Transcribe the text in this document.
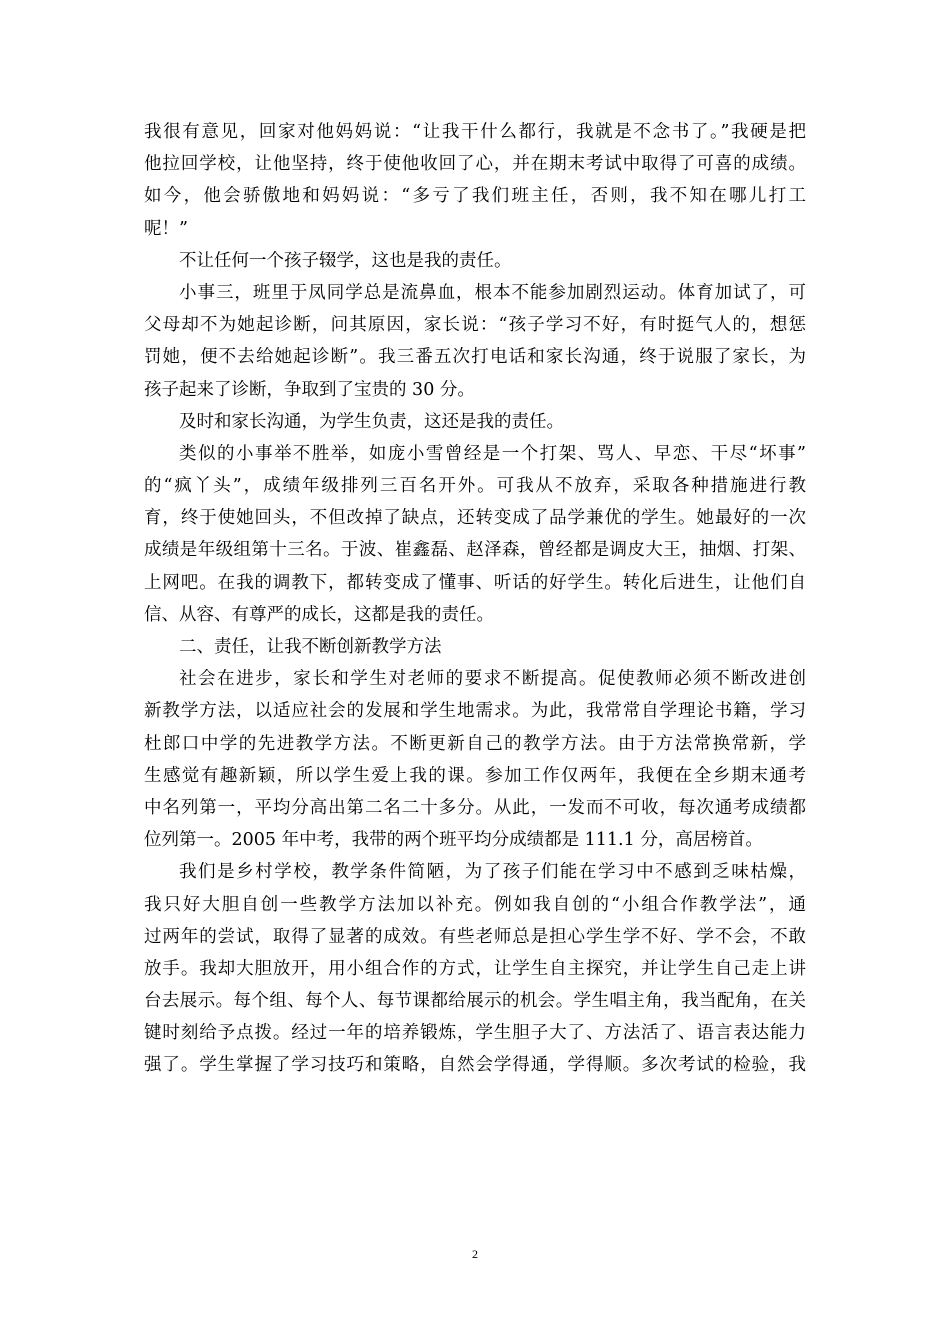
我很有意见，回家对他妈妈说：“让我干什么都行，我就是不念书了。”我硬是把
他拉回学校，让他坚持，终于使他收回了心，并在期末考试中取得了可喜的成绩。
如今，他会骄傲地和妈妈说：“多亏了我们班主任，否则，我不知在哪儿打工
呢！”
不让任何一个孩子辍学，这也是我的责任。
小事三，班里于凤同学总是流鼻血，根本不能参加剧烈运动。体育加试了，可
父母却不为她起诊断，问其原因，家长说：“孩子学习不好，有时挺气人的，想惩
罚她，便不去给她起诊断”。我三番五次打电话和家长沟通，终于说服了家长，为
孩子起来了诊断，争取到了宝贵的 30 分。
及时和家长沟通，为学生负责，这还是我的责任。
类似的小事举不胜举，如庞小雪曾经是一个打架、骂人、早恋、干尽“坏事”
的“疯丫头”，成绩年级排列三百名开外。可我从不放弃，采取各种措施进行教
育，终于使她回头，不但改掉了缺点，还转变成了品学兼优的学生。她最好的一次
成绩是年级组第十三名。于波、崔鑫磊、赵泽森，曾经都是调皮大王，抽烟、打架、
上网吧。在我的调教下，都转变成了懂事、听话的好学生。转化后进生，让他们自
信、从容、有尊严的成长，这都是我的责任。
二、责任，让我不断创新教学方法
社会在进步，家长和学生对老师的要求不断提高。促使教师必须不断改进创
新教学方法，以适应社会的发展和学生地需求。为此，我常常自学理论书籍，学习
杜郎口中学的先进教学方法。不断更新自己的教学方法。由于方法常换常新，学
生感觉有趣新颖，所以学生爱上我的课。参加工作仅两年，我便在全乡期末通考
中名列第一，平均分高出第二名二十多分。从此，一发而不可收，每次通考成绩都
位列第一。2005 年中考，我带的两个班平均分成绩都是 111.1 分，高居榜首。
我们是乡村学校，教学条件简陋，为了孩子们能在学习中不感到乏味枯燥，
我只好大胆自创一些教学方法加以补充。例如我自创的“小组合作教学法”，通
过两年的尝试，取得了显著的成效。有些老师总是担心学生学不好、学不会，不敢
放手。我却大胆放开，用小组合作的方式，让学生自主探究，并让学生自己走上讲
台去展示。每个组、每个人、每节课都给展示的机会。学生唱主角，我当配角，在关
键时刻给予点拨。经过一年的培养锻炼，学生胆子大了、方法活了、语言表达能力
强了。学生掌握了学习技巧和策略，自然会学得通，学得顺。多次考试的检验，我
2
